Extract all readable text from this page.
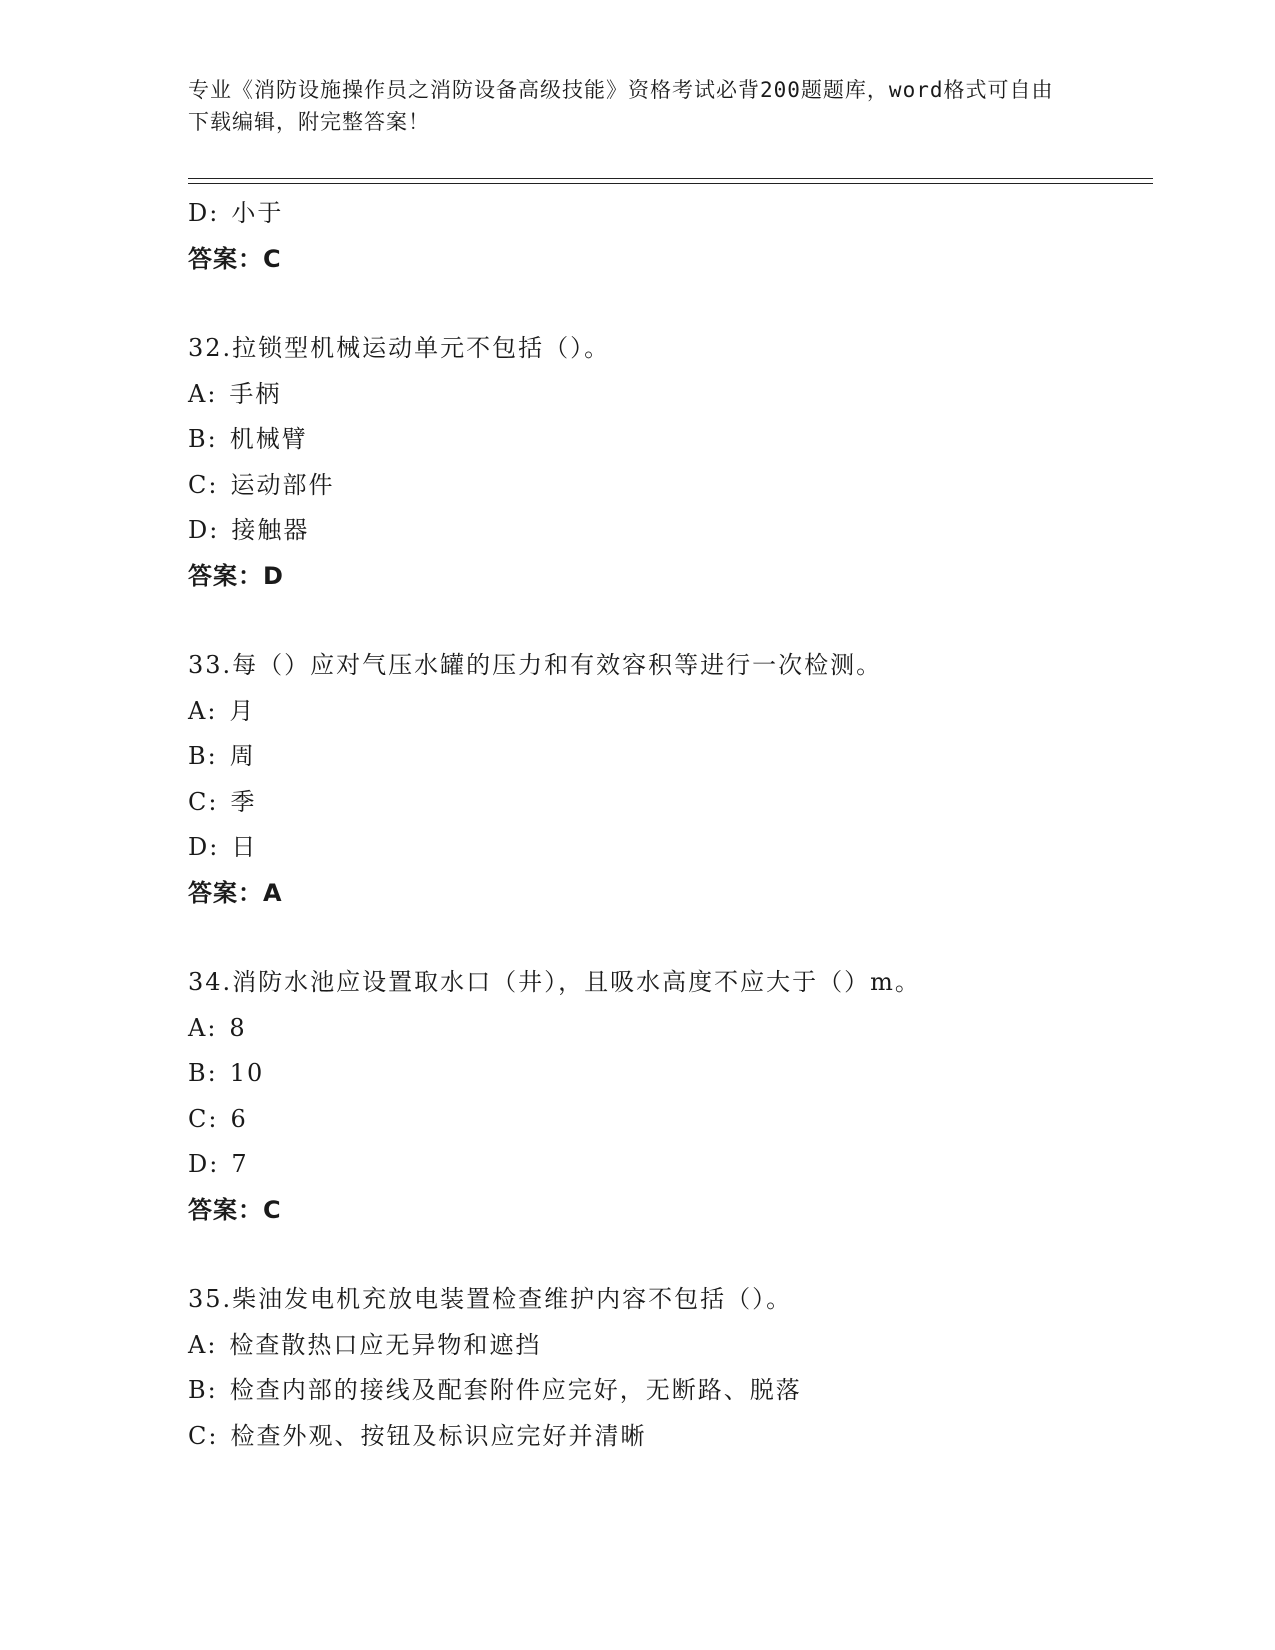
专业《消防设施操作员之消防设备高级技能》资格考试必背200题题库，word格式可自由下载编辑，附完整答案！
D: 小于
答案：C
32.拉锁型机械运动单元不包括（）。
A: 手柄
B: 机械臂
C: 运动部件
D: 接触器
答案：D
33.每（）应对气压水罐的压力和有效容积等进行一次检测。
A: 月
B: 周
C: 季
D: 日
答案：A
34.消防水池应设置取水口（井），且吸水高度不应大于（）m。
A: 8
B: 10
C: 6
D: 7
答案：C
35.柴油发电机充放电装置检查维护内容不包括（）。
A: 检查散热口应无异物和遮挡
B: 检查内部的接线及配套附件应完好，无断路、脱落
C: 检查外观、按钮及标识应完好并清晰
